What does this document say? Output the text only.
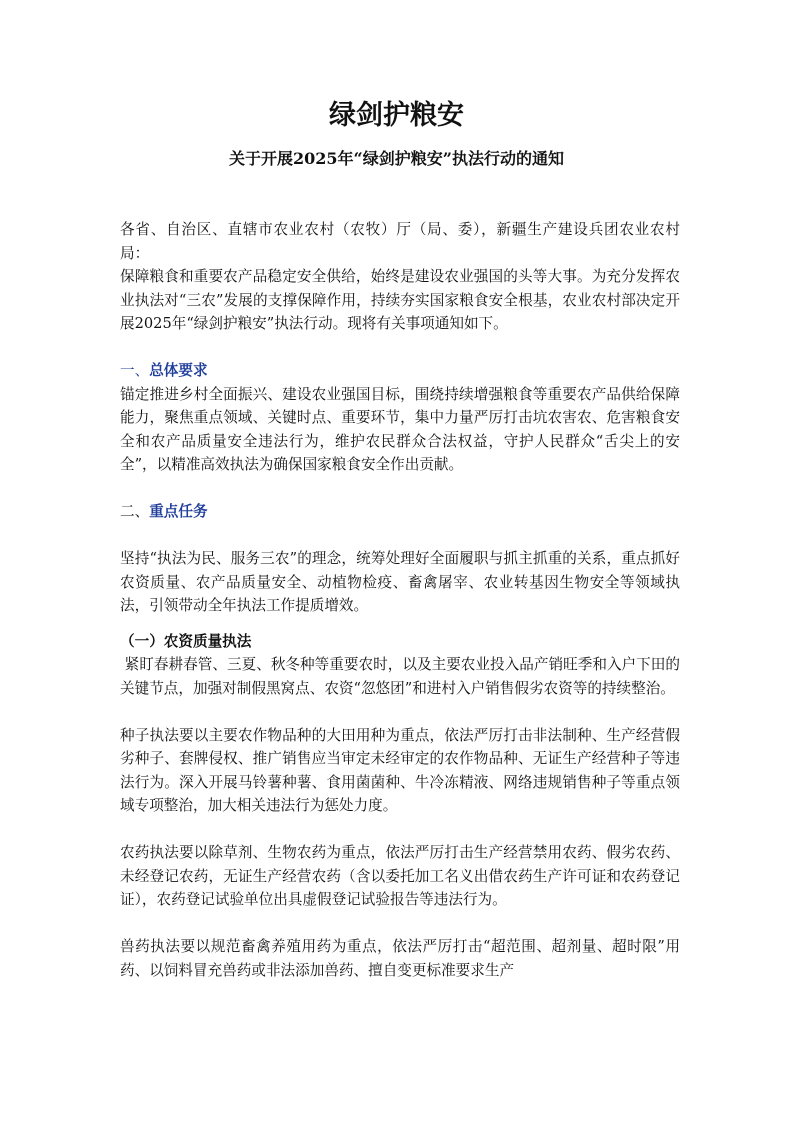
绿剑护粮安
关于开展2025年“绿剑护粮安”执法行动的通知

各省、自治区、直辖市农业农村（农牧）厅（局、委），新疆生产建设兵团农业农村局：

保障粮食和重要农产品稳定安全供给，始终是建设农业强国的头等大事。为充分发挥农业执法对“三农”发展的支撑保障作用，持续夯实国家粮食安全根基，农业农村部决定开展2025年“绿剑护粮安”执法行动。现将有关事项通知如下。

一、总体要求

锚定推进乡村全面振兴、建设农业强国目标，围绕持续增强粮食等重要农产品供给保障能力，聚焦重点领域、关键时点、重要环节，集中力量严厉打击坑农害农、危害粮食安全和农产品质量安全违法行为，维护农民群众合法权益，守护人民群众“舌尖上的安全”，以精准高效执法为确保国家粮食安全作出贡献。

二、重点任务

坚持“执法为民、服务三农”的理念，统筹处理好全面履职与抓主抓重的关系，重点抓好农资质量、农产品质量安全、动植物检疫、畜禽屠宰、农业转基因生物安全等领域执法，引领带动全年执法工作提质增效。

（一）农资质量执法

紧盯春耕春管、三夏、秋冬种等重要农时，以及主要农业投入品产销旺季和入户下田的关键节点，加强对制假黑窝点、农资“忽悠团”和进村入户销售假劣农资等的持续整治。

种子执法要以主要农作物品种的大田用种为重点，依法严厉打击非法制种、生产经营假劣种子、套牌侵权、推广销售应当审定未经审定的农作物品种、无证生产经营种子等违法行为。深入开展马铃薯种薯、食用菌菌种、牛冷冻精液、网络违规销售种子等重点领域专项整治，加大相关违法行为惩处力度。

农药执法要以除草剂、生物农药为重点，依法严厉打击生产经营禁用农药、假劣农药、未经登记农药，无证生产经营农药（含以委托加工名义出借农药生产许可证和农药登记证），农药登记试验单位出具虚假登记试验报告等违法行为。

兽药执法要以规范畜禽养殖用药为重点，依法严厉打击“超范围、超剂量、超时限”用药、以饲料冒充兽药或非法添加兽药、擅自变更标准要求生产
